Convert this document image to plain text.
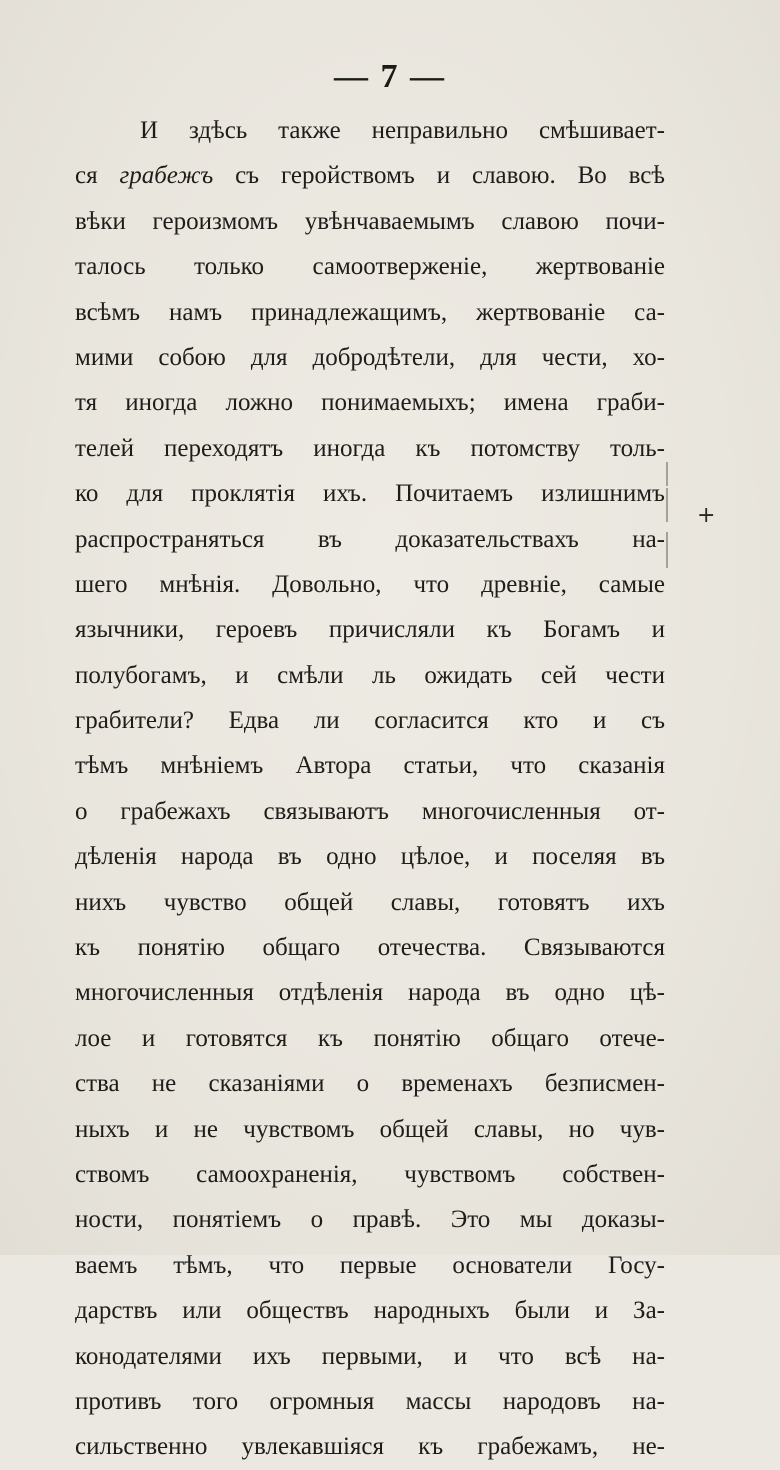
— 7 —
И здѣсь также неправильно смѣшивает-
ся грабежъ съ геройствомъ и славою. Во всѣ
вѣки героизмомъ увѣнчаваемымъ славою почи-
талось только самоотверженіе, жертвованіе
всѣмъ намъ принадлежащимъ, жертвованіе са-
мими собою для добродѣтели, для чести, хо-
тя иногда ложно понимаемыхъ; имена граби-
телей переходятъ иногда къ потомству толь-
ко для проклятія ихъ. Почитаемъ излишнимъ
распространяться въ доказательствахъ на-
шего мнѣнія. Довольно, что древніе, самые
язычники, героевъ причисляли къ Богамъ и
полубогамъ, и смѣли ль ожидать сей чести
грабители? Едва ли согласится кто и съ
тѣмъ мнѣніемъ Автора статьи, что сказанія
о грабежахъ связываютъ многочисленныя от-
дѣленія народа въ одно цѣлое, и поселяя въ
нихъ чувство общей славы, готовятъ ихъ
къ понятію общаго отечества. Связываются
многочисленныя отдѣленія народа въ одно цѣ-
лое и готовятся къ понятію общаго отече-
ства не сказаніями о временахъ безписмен-
ныхъ и не чувствомъ общей славы, но чув-
ствомъ самоохраненія, чувствомъ собствен-
ности, понятіемъ о правѣ. Это мы доказы-
ваемъ тѣмъ, что первые основатели Госу-
дарствъ или обществъ народныхъ были и За-
конодателями ихъ первыми, и что всѣ на-
противъ того огромныя массы народовъ на-
сильственно увлекавшіяся къ грабежамъ, не-
+
